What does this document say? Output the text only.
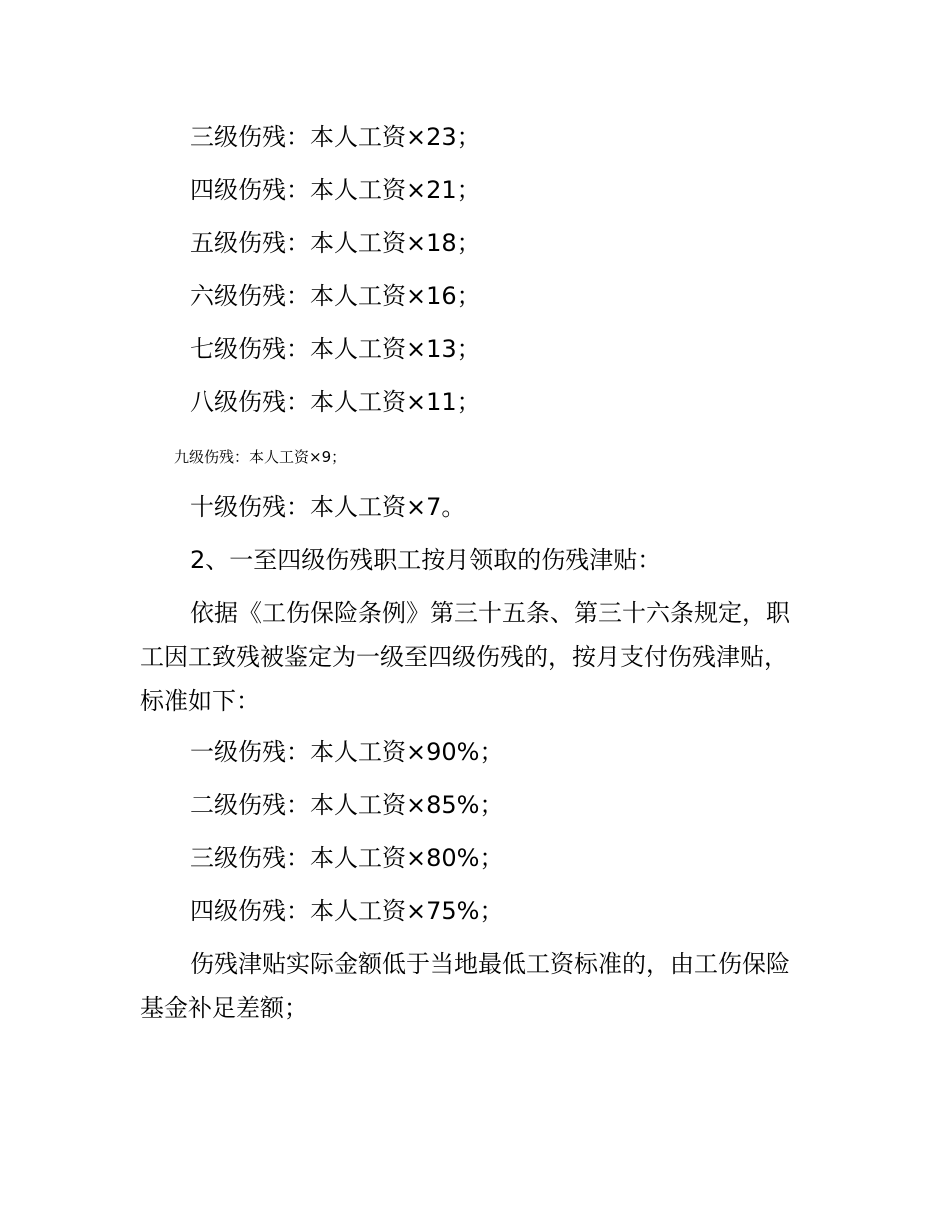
三级伤残：本人工资×23；
四级伤残：本人工资×21；
五级伤残：本人工资×18；
六级伤残：本人工资×16；
七级伤残：本人工资×13；
八级伤残：本人工资×11；
九级伤残：本人工资×9；
十级伤残：本人工资×7。
2、一至四级伤残职工按月领取的伤残津贴：
依据《工伤保险条例》第三十五条、第三十六条规定，职
工因工致残被鉴定为一级至四级伤残的，按月支付伤残津贴，
标准如下：
一级伤残：本人工资×90%；
二级伤残：本人工资×85%；
三级伤残：本人工资×80%；
四级伤残：本人工资×75%；
伤残津贴实际金额低于当地最低工资标准的，由工伤保险
基金补足差额；
